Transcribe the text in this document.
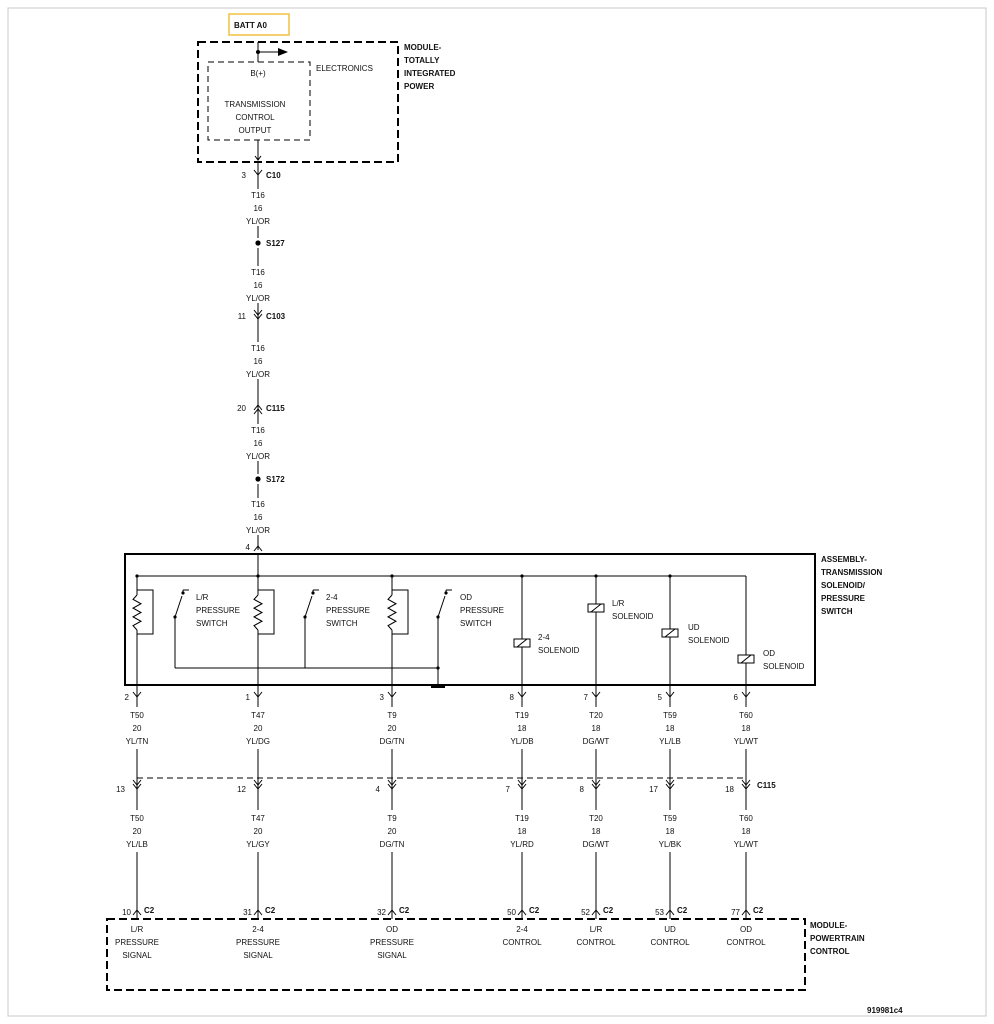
BATT A0
MODULE-
TOTALLY
INTEGRATED
POWER
ELECTRONICS
B(+)
TRANSMISSION
CONTROL
OUTPUT
3	C10
T16
16
YL/OR
S127
T16
16
YL/OR
11	C103
T16
16
YL/OR
20	C115
T16
16
YL/OR
S172
T16
16
YL/OR
4
ASSEMBLY-
TRANSMISSION
SOLENOID/
PRESSURE
SWITCH
L/R
PRESSURE
SWITCH
2-4
PRESSURE
SWITCH
OD
PRESSURE
SWITCH
2-4
SOLENOID
L/R
SOLENOID
UD
SOLENOID
OD
SOLENOID
2
T50
20
YL/TN
13
T50
20
YL/LB
10 C2
L/R
PRESSURE
SIGNAL
1
T47
20
YL/DG
12
T47
20
YL/GY
31 C2
2-4
PRESSURE
SIGNAL
3
T9
20
DG/TN
4
T9
20
DG/TN
32 C2
OD
PRESSURE
SIGNAL
8
T19
18
YL/DB
7
T19
18
YL/RD
50 C2
2-4
CONTROL
7
T20
18
DG/WT
8
T20
18
DG/WT
52 C2
L/R
CONTROL
5
T59
18
YL/LB
17
T59
18
YL/BK
53 C2
UD
CONTROL
6
T60
18
YL/WT
18
T60
18
YL/WT
77 C2
OD
CONTROL
C115
MODULE-
POWERTRAIN
CONTROL
919981c4
